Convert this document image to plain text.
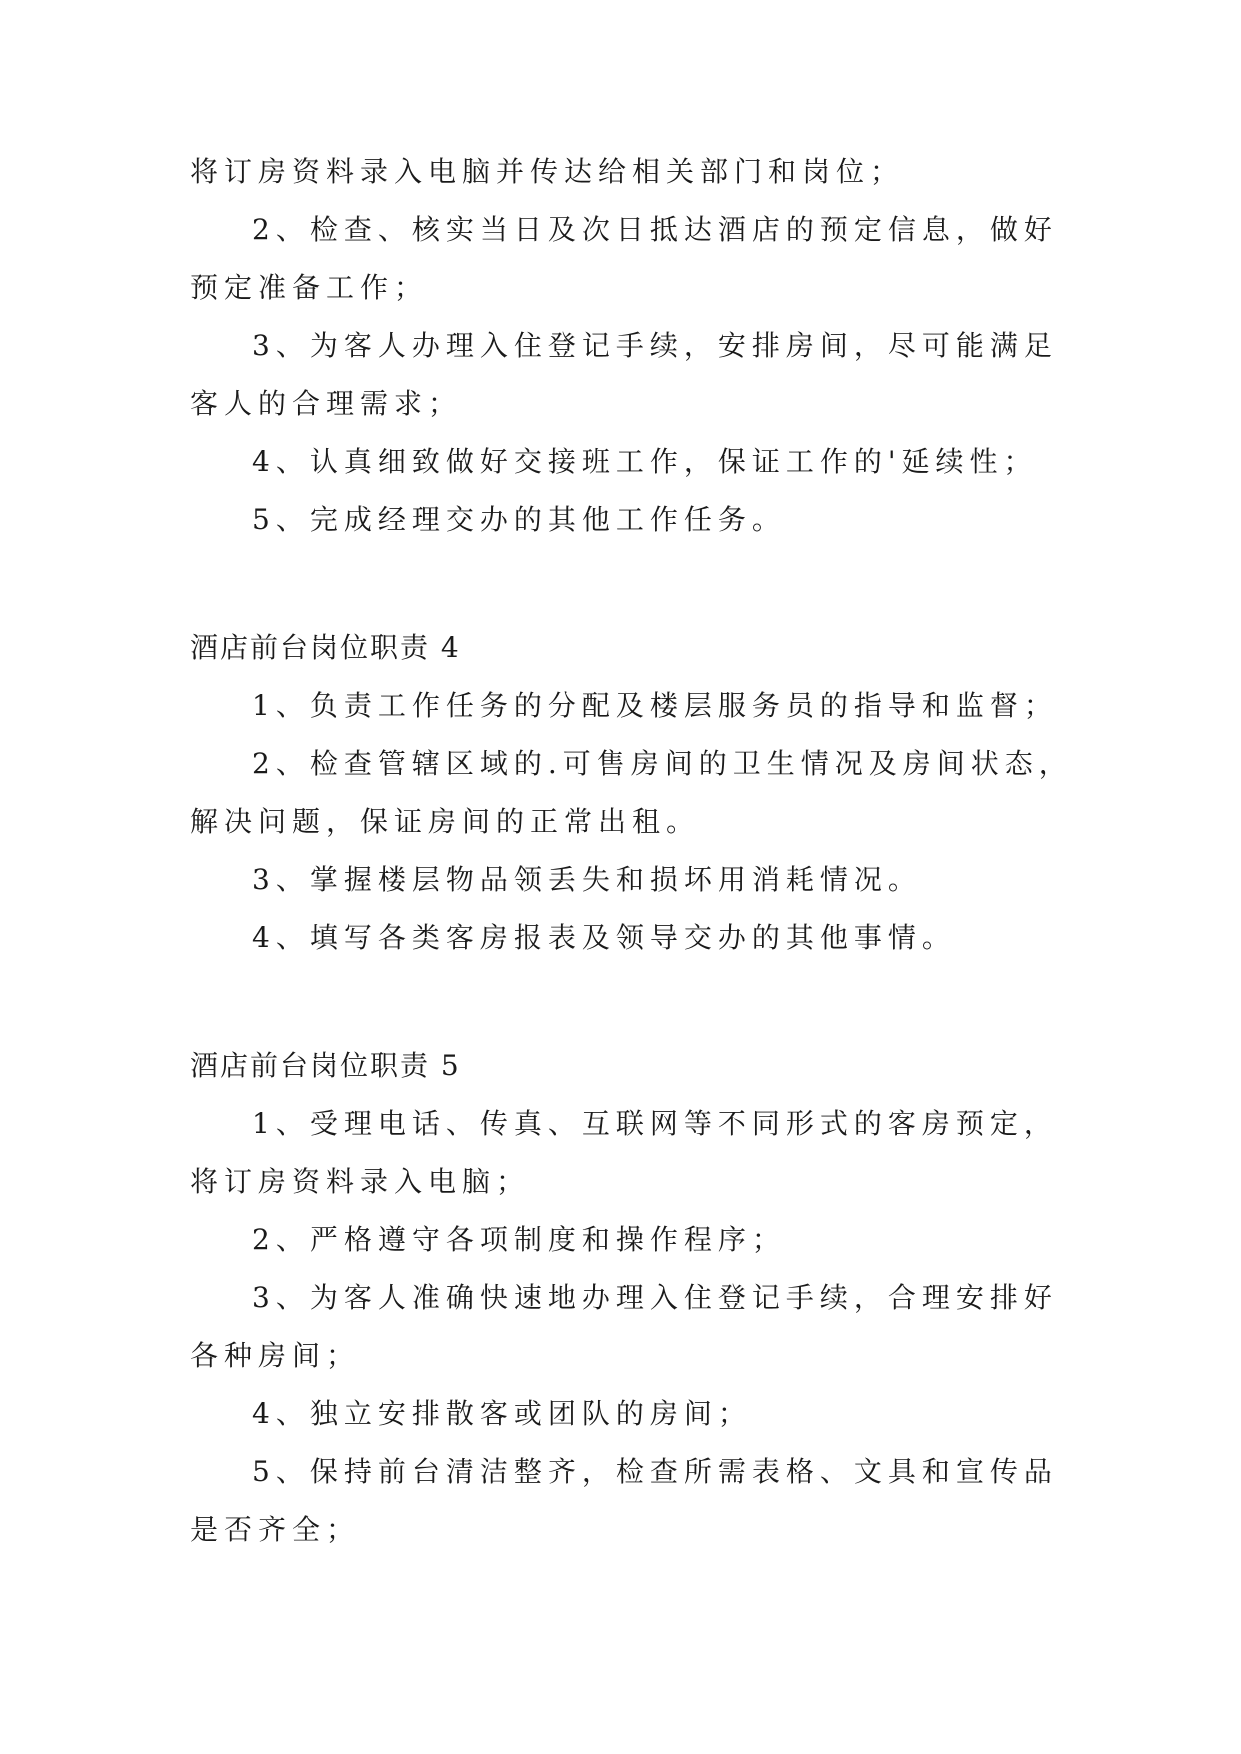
将订房资料录入电脑并传达给相关部门和岗位；
2、检查、核实当日及次日抵达酒店的预定信息，做好
预定准备工作；
3、为客人办理入住登记手续，安排房间，尽可能满足
客人的合理需求；
4、认真细致做好交接班工作，保证工作的'延续性；
5、完成经理交办的其他工作任务。
酒店前台岗位职责 4
1、负责工作任务的分配及楼层服务员的指导和监督；
2、检查管辖区域的.可售房间的卫生情况及房间状态，
解决问题，保证房间的正常出租。
3、掌握楼层物品领丢失和损坏用消耗情况。
4、填写各类客房报表及领导交办的其他事情。
酒店前台岗位职责 5
1、受理电话、传真、互联网等不同形式的客房预定，
将订房资料录入电脑；
2、严格遵守各项制度和操作程序；
3、为客人准确快速地办理入住登记手续，合理安排好
各种房间；
4、独立安排散客或团队的房间；
5、保持前台清洁整齐，检查所需表格、文具和宣传品
是否齐全；
